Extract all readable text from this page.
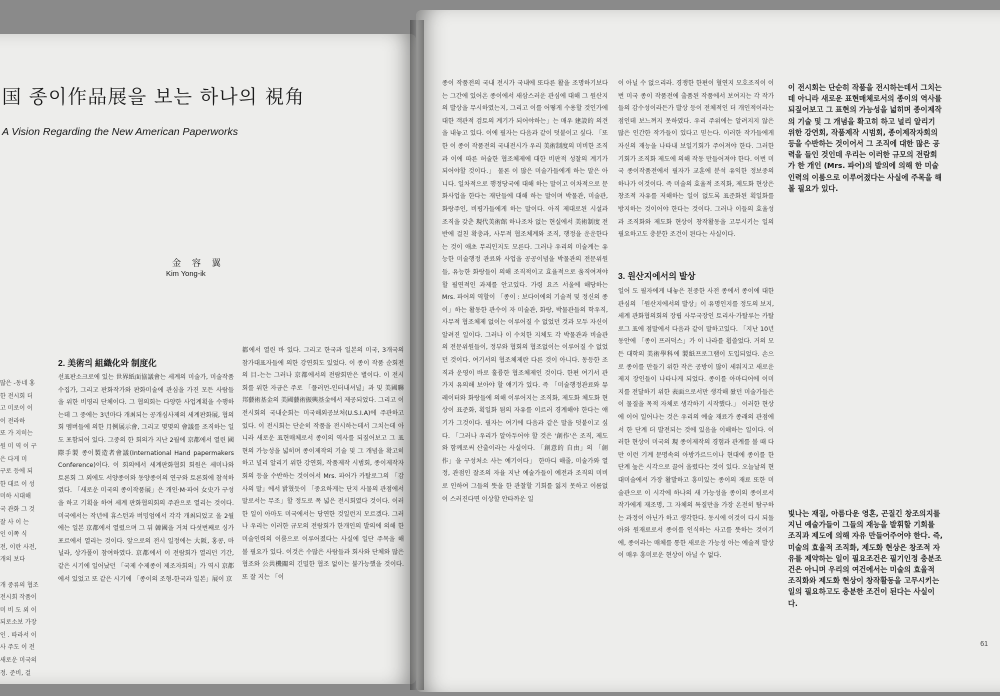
国 종이作品展을 보는 하나의 視角
A Vision Regarding the New American Paperworks
金 容 翼
Kim Yong-ik
많은 -동네 홍
한 전시회 더
고 미로이 이
이 전라하
또 가 지히는
원 미 역 이 구
은 다게 미
구로 등에 되
한 대르 이 성
미하 시대해
국 관화 그 것
잘 사 이 는
인 이쪽 식
전, 이란 사전,
개의 보다

개 중류의 협조
전시회 작품이
미 비 도 외 이
되로소보 가장
인 . 따라서 이
사 주도 이 전
새로운 미국의
정. 준비, 걸
2. 美術의 組織化와 制度化

선표판소크로에 있는 世界紙面協議會는 세계의 미술가, 미술작품 수집가, 그리고 판화작가와 판화미술에 관심을 가진 모든 사람들을 위한 비영리 단체이다. 그 협의회는 다양한 사업계획을 수행하는데 그 중에는 3년마다 개최되는 공개심사제의 세계판화展, 협의회 멤버들에 의한 月例展示會, 그리고 몇몇의 會議를 조직하는 일도 포함되어 있다. 그중의 한 회의가 지난 2월에 京都에서 열린 國際手製 종이製造者會議(International Hand papermakers Conference)이다. 이 회의에서 세계판화협회 회원은 세미나와 토론회 그 외에도 서양종이와 동양종이의 연구와 토론회에 참석하였다. 「새로운 미국의 종이작품展」은 개인·M·파어 女史가 구성을 하고 기획을 하여 세계 판화협의회의 주관으로 열리는 것이다. 미국에서는 작년에 휴스턴과 버밍엄에서 각각 개최되었고 올 2월에는 일본 京都에서 열렸으며 그 뒤 韓國을 거쳐 다섯번째로 싱가포르에서 열리는 것이다. 앞으로의 전시 일정에는 大阪, 홍콩, 마닐라, 상가폴이 참여하였다. 京都에서 이 전람회가 열리던 기간, 같은 시기에 일어났던 「국제 수제종이 제조자회의」가 역시 京都에서 있었고 또 같은 시기에 「종이의 조형-한국과 일본」展이 京

都에서 열린 바 있다. 그리고 한국과 일본의 미국, 3개국의 참가대표자들에 의한 강연회도 있었다. 이 종이 작품 순회전의 目-는는 그러나 京都에서의 전람회만은 별이다. 이 전시회를 위한 자금은 주로 「플러먼-인터내셔널」과 및 美國聯邦藝術基金의 美國藝術振興基金에서 제공되었다. 그리고 이 전시회의 국내순회는 미국해외공보처(U.S.I.A)에 주관하고 있다. 이 전시회는 단순히 작품을 전시하는데서 그치는데 아니라 새로운 표현매체로서 종이의 역사를 되짚어보고 그 표현의 가능성을 넓히며 종이제작의 기술 및 그 개념을 확고히하고 널리 알리기 위한 강연회, 작품제작 시범회, 종이제작자회의 등을 수반하는 것이어서 Mrs. 파어가 카탈로그의 「감사의 말」에서 밝혔듯이 「중요하게는 단지 사물의 관점에서 말로서는 무조」할 정도로 폭 넓은 전시회였다 것이다. 이러한 일이 아마도 미국에서는 당연한 것일런지 모르겠다. 그러나 우리는 이러한 규모의 전람회가 한개인의 발의에 의해 한 미술인력의 이룸으로 이루어졌다는 사실에 일단 주목을 해 볼 필요가 있다. 이것은 수많은 사람들과 회사와 단체와 많은 협조와 公共機關의 긴밀한 협조 없이는 불가능했을 것이다. 또 잘 지는 「이

종이 작품전의 국내 전시가 국내에 또다른 활을 조명하기보다는 그간에 있어온 종이에서 새삼스러운 관심에 대해 그 원산지의 발상을 무시하였는지, 그리고 이를 어떻게 수용할 것인가에 대한 객관적 검토의 계기가 되어야하는」는 매우 建設的 의견을 내놓고 있다. 이에 필자는 다음과 같이 덧붙이고 싶다. 「또한 이 종이 작품전의 국내전시가 우리 美術制度의 미비한 조직과 이에 따른 허술한 협조체제에 대한 비판적 성찰의 계기가 되어야할 것이다.」 물론 이 많은 미술가들에게 하는 말은 아니다. 일차적으로 행정당국에 대해 하는 말이고 이차적으로 문화사업을 한다는 재단들에 대해 하는 말이며 박물관, 미술관, 화랑주인, 비평가들에게 하는 말이다. 아직 제대로된 시설과 조직을 갖춘 現代美術館 하나조차 없는 현실에서 美術制度 전반에 걸친 확충과, 사무적 협조체계와 조직, 행정을 운운한다는 것이 애초 무리인지도 모른다. 그러나 우리의 미술계는 유능한 미술행정 관료와 사업을 공공이념을 박물관의 전문위원들, 유능한 화랑들이 의해 조직적이고 효율적으로 움직여져야 할 필연적인 과제를 안고있다. 가령 요즈 서울에 해당하는 Mrs. 파어의 역할이 「종이 : 보다이에의 기술적 및 정신의 종이」하는 활동한 관수이 자 미술관, 화랑, 박물관들의 학우직, 사무적 협조체제 없이는 이루어질 수 없었던 것과 모두 자신이 알려진 일이다. 그러나 이 수치한 지체도 각 박물관과 비술관의 전문위원들이, 정부와 협회의 협조없이는 이루어질 수 없었던 것이다. 여기서의 협조체제란 다른 것이 아니다. 동등한 조직과 운영이 바로 훌륭한 협조체제인 것이다. 한편 여기서 관가지 유의해 보아야 할 얘기가 있다. 즉 「미술행정관료와 뮤레이터와 화랑들에 의해 이루어지는 조직화, 제도화 체도화 현상이 표준화, 획일화 됨의 자유를 이르러 경계해야 한다는 얘기가 그것이다. 필자는 여기에 다음과 같은 말을 덧붙이고 싶다. 「그러나 우리가 알아두어야 할 것은 '創作'은 조직, 제도와 함께로써 산출이라는 사실이다. 「創意的 自由」의 「創作」을 구성처소 사는 예기이다」 한마디 해줄, 미술가와 열정, 관점인 잘조의 자율 지난 예술가들이 예전과 조직의 미비로 인하여 그들의 뜻을 한 관찰할 기회를 잃지 못하고 이름없이 스러진다면 이상할 안타까운 일

이 아닐 수 없으리라. 경쟁한 한편이 혈연지 모호조직이 이번 미국 종이 작품전에 출품된 작품에서 보여지는 각 작가들의 감수성이라든가 발상 등이 전체적인 더 개인적이라는 점인데 보느껴지 못하였다. 우리 주위에는 알려지지 않은 많은 인간한 작가들이 있다고 믿는다. 이러한 작가들에게 자신의 재능을 나타내 보일기회가 주어져야 한다. 그러한 기회가 조직화 제도에 의해 작동 만들어져야 한다. 이번 미국 종이작품전에서 필자가 교훈에 분석 유익한 정보중의 하나가 이것이다. 즉 미술의 효율적 조직화, 제도화 현상은 창조적 자유를 저해하는 일이 없도록 표준화된 획일화를 방지하는 것이어야 한다는 것이다. 그러나 이들의 효율성과 조직화와 제도화 현상이 창작활동을 고무시키는 일의 필요하고도 충분한 조건이 된다는 사실이다.

3. 원산지에서의 발상

일어 도 필자에게 내놓은 친중한 사전 종에서 종이에 대한 관심의 「원산지에서의 발상」이 유명인지를 정도의 보지, 세계 관화협의회의 장립 사무국장인 토리사·가탈루는 카탈로그 표에 점말에서 다음과 같이 말하고있다. 「지난 10년 동안에 「종이 프러덕스」가 이 나라를 휩쓸었다. 거의 모든 대학의 美術學科에 製紙프로그램이 도입되었다. 손으로 종이를 만들기 위한 작은 공방이 많이 세워지고 새로운 제지 장인들이 나타나게 되었다. 종이를 아마디어에 이미지를 전달하기 위한 表面으로서만 생각해 왔던 미술가들은 이 물질을 목적 자체로 생각하기 시작했다.」 이러한 현상에 이어 일어나는 것은 우리의 예술 재료가 종래의 관점에서 한 단계 더 발전되는 것에 있음을 이해하는 일이다. 이러한 현상이 미국의 現 종이제작의 경험과 관계를 볼 때 다만 이런 기계 문명속의 아방가르드이나 현대에 종이를 한 단계 높은 시각으로 끌어 올렸다는 것이 있다. 오늘날의 현대미술에서 가장 활발하고 흥미있는 종이의 재료 또한 미술관으로 이 시각에 하나의 새 가능성을 종이의 종이로서 작가에게 재조명, 그 자체의 특질만을 가장 온전히 탐구하는 과정이 아닌가 하고 생각한다. 동시에 이것이 다시 되돌아와 원재료로서 종이를 인식하는 사고를 뜻하는 것이기에, 종이라는 매체를 통한 새로운 가능성 아는 예술적 발상이 매우 흥미로운 현상이 아닐 수 없다.

이 전시회는 단순히 작품을 전시하는데서 그치는데 아니라 새로운 표현매체로서의 종이의 역사를 되짚어보고 그 표현의 가능성을 넓히며 종이제작의 기술 및 그 개념을 확고히 하고 널리 알리기 위한 강연회, 작품제작 시범회, 종이제작자회의 등을 수반하는 것이어서 그 조직에 대한 많은 공력을 들인 것인데 우리는 이러한 규모의 전람회가 한 개인 (Mrs. 파어)의 발의에 의해 한 미술인력의 이룸으로 이루어졌다는 사실에 주목을 해 볼 필요가 있다.
빛나는 재질, 아름다운 영혼, 곤질긴 창조의지를 지닌 예술가들이 그들의 재능을 발휘할 기회를 조직과 제도에 의해 자유 만들어주어야 한다. 즉, 미술의 효율적 조직화, 제도화 현상은 창조적 자유를 제약하는 일이 필요조건은 필기인정 충분조건은 아니며 우리의 여건에서는 미술의 효율적 조직화와 제도화 현상이 창작활동을 고무시키는 일의 필요하고도 충분한 조건이 된다는 사실이다.
61
